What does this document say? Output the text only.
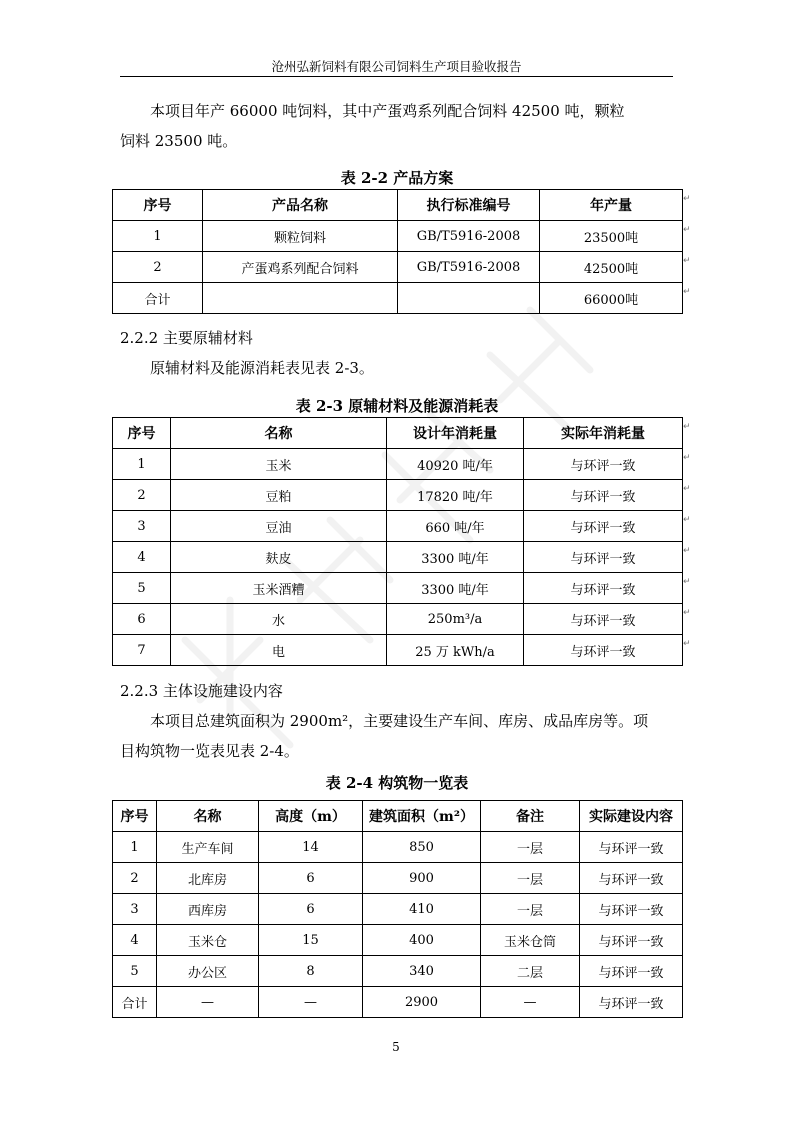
沧州弘新饲料有限公司饲料生产项目验收报告
本项目年产 66000 吨饲料，其中产蛋鸡系列配合饲料 42500 吨，颗粒
饲料 23500 吨。
表 2-2 产品方案
序号	产品名称	执行标准编号	年产量
1	颗粒饲料	GB/T5916-2008	23500吨
2	产蛋鸡系列配合饲料	GB/T5916-2008	42500吨
合计			66000吨
↵
↵
↵
↵
2.2.2 主要原辅材料
原辅材料及能源消耗表见表 2-3。
表 2-3 原辅材料及能源消耗表
序号	名称	设计年消耗量	实际年消耗量
1	玉米	40920 吨/年	与环评一致
2	豆粕	17820 吨/年	与环评一致
3	豆油	660 吨/年	与环评一致
4	麸皮	3300 吨/年	与环评一致
5	玉米酒糟	3300 吨/年	与环评一致
6	水	250m³/a	与环评一致
7	电	25 万 kWh/a	与环评一致
↵
↵
↵
↵
↵
↵
↵
↵
2.2.3 主体设施建设内容
本项目总建筑面积为 2900m²，主要建设生产车间、库房、成品库房等。项
目构筑物一览表见表 2-4。
表 2-4 构筑物一览表
序号	名称	高度（m）	建筑面积（m²）	备注	实际建设内容
1	生产车间	14	850	一层	与环评一致
2	北库房	6	900	一层	与环评一致
3	西库房	6	410	一层	与环评一致
4	玉米仓	15	400	玉米仓筒	与环评一致
5	办公区	8	340	二层	与环评一致
合计	—	—	2900	—	与环评一致
5
